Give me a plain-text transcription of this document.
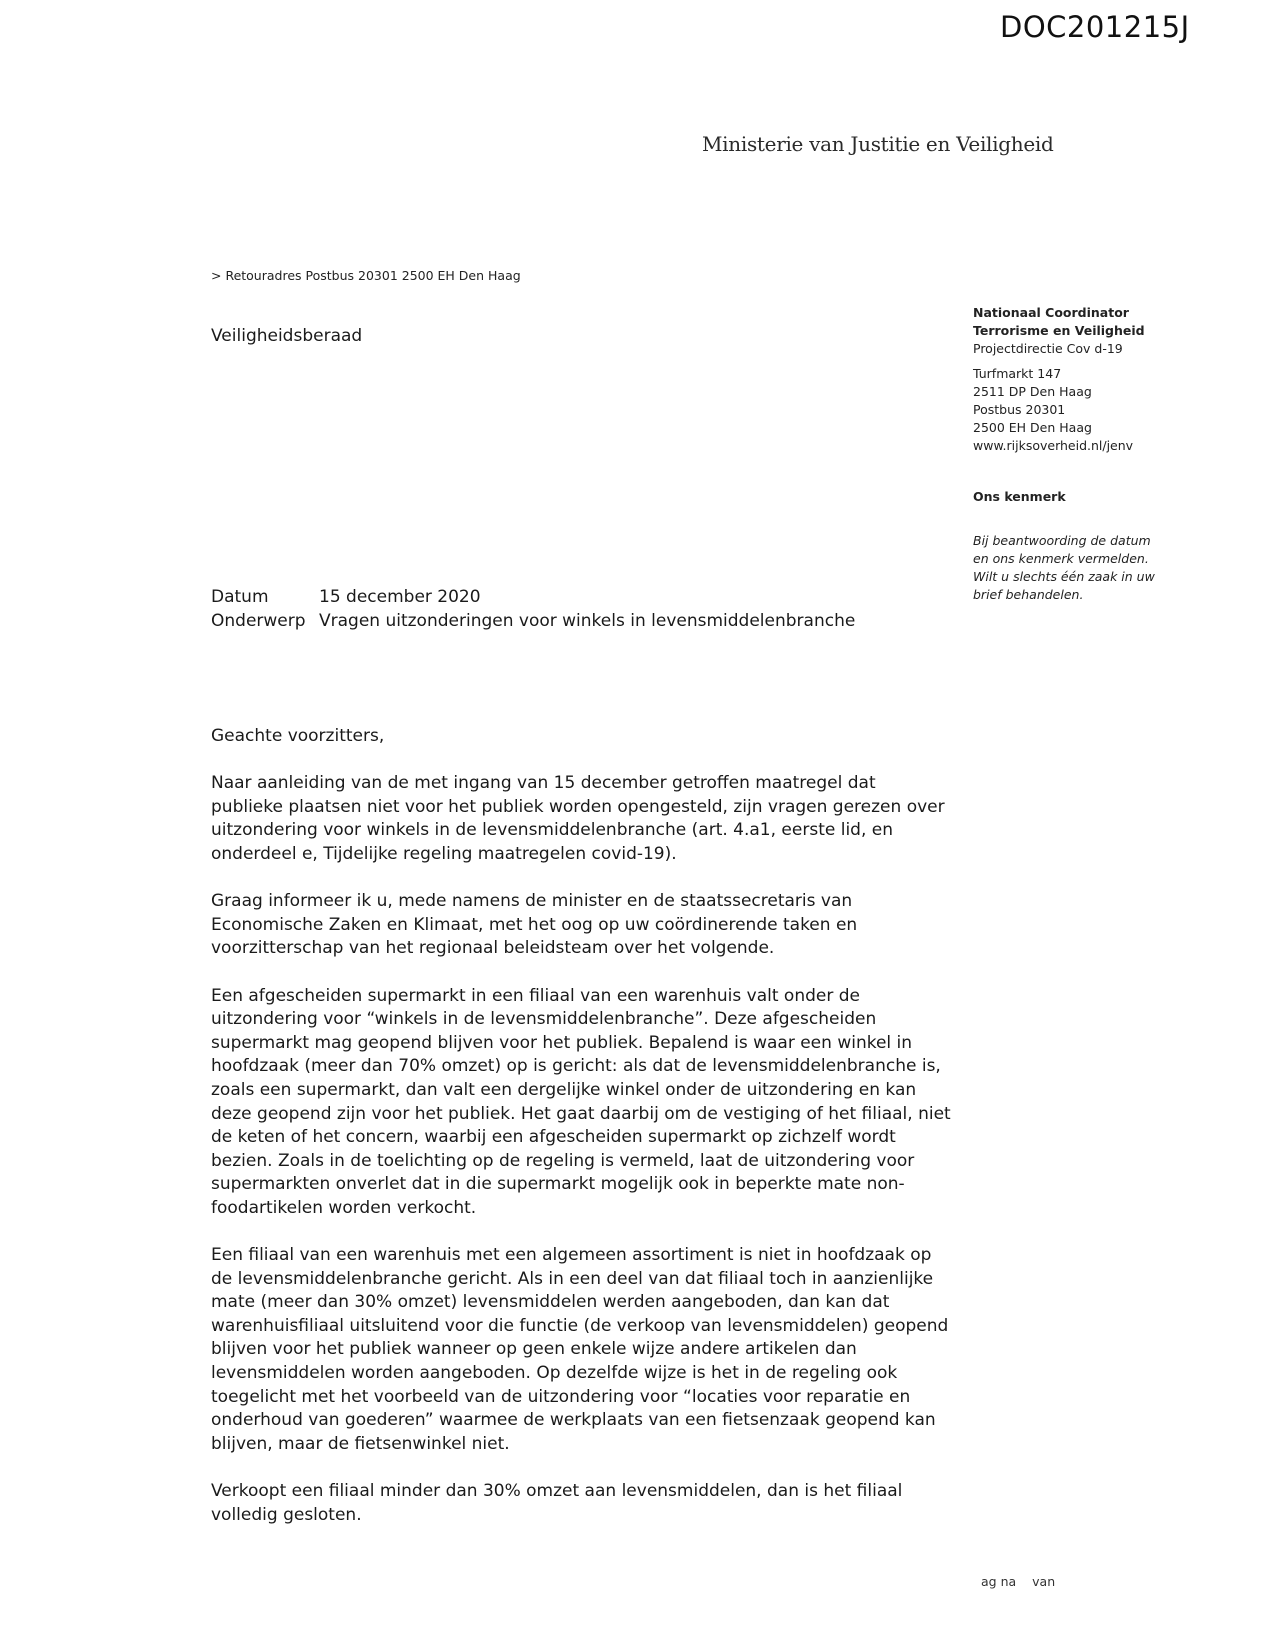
DOC201215J
Ministerie van Justitie en Veiligheid
> Retouradres Postbus 20301 2500 EH Den Haag
Veiligheidsberaad

Nationaal Coordinator

Terrorisme en Veiligheid

Projectdirectie Cov d-19

Turfmarkt 147

2511 DP Den Haag

Postbus 20301

2500 EH Den Haag

www.rijksoverheid.nl/jenv

Ons kenmerk

Bij beantwoording de datum

en ons kenmerk vermelden.

Wilt u slechts één zaak in uw

brief behandelen.

Datum	15 december 2020
Onderwerp Vragen uitzonderingen voor winkels in levensmiddelenbranche

Geachte voorzitters,

Naar aanleiding van de met ingang van 15 december getroffen maatregel dat publieke plaatsen niet voor het publiek worden opengesteld, zijn vragen gerezen over uitzondering voor winkels in de levensmiddelenbranche (art. 4.a1, eerste lid, en onderdeel e, Tijdelijke regeling maatregelen covid-19).

Graag informeer ik u, mede namens de minister en de staatssecretaris van Economische Zaken en Klimaat, met het oog op uw coördinerende taken en voorzitterschap van het regionaal beleidsteam over het volgende.

Een afgescheiden supermarkt in een filiaal van een warenhuis valt onder de uitzondering voor “winkels in de levensmiddelenbranche”. Deze afgescheiden supermarkt mag geopend blijven voor het publiek. Bepalend is waar een winkel in hoofdzaak (meer dan 70% omzet) op is gericht: als dat de levensmiddelenbranche is, zoals een supermarkt, dan valt een dergelijke winkel onder de uitzondering en kan deze geopend zijn voor het publiek. Het gaat daarbij om de vestiging of het filiaal, niet de keten of het concern, waarbij een afgescheiden supermarkt op zichzelf wordt bezien. Zoals in de toelichting op de regeling is vermeld, laat de uitzondering voor supermarkten onverlet dat in die supermarkt mogelijk ook in beperkte mate non-foodartikelen worden verkocht.

Een filiaal van een warenhuis met een algemeen assortiment is niet in hoofdzaak op de levensmiddelenbranche gericht. Als in een deel van dat filiaal toch in aanzienlijke mate (meer dan 30% omzet) levensmiddelen werden aangeboden, dan kan dat warenhuisfiliaal uitsluitend voor die functie (de verkoop van levensmiddelen) geopend blijven voor het publiek wanneer op geen enkele wijze andere artikelen dan levensmiddelen worden aangeboden. Op dezelfde wijze is het in de regeling ook toegelicht met het voorbeeld van de uitzondering voor “locaties voor reparatie en onderhoud van goederen” waarmee de werkplaats van een fietsenzaak geopend kan blijven, maar de fietsenwinkel niet.

Verkoopt een filiaal minder dan 30% omzet aan levensmiddelen, dan is het filiaal volledig gesloten.

ag na van
